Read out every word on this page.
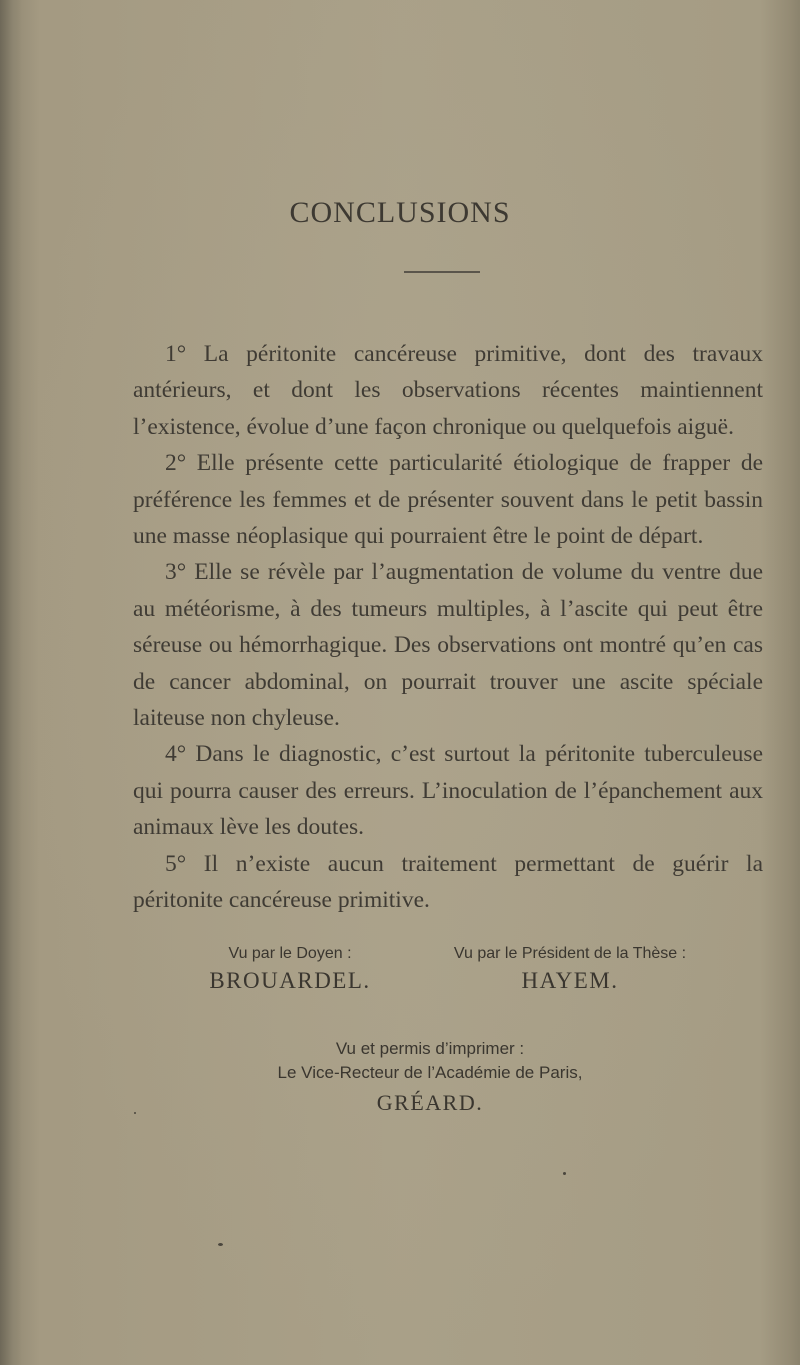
CONCLUSIONS

1° La péritonite cancéreuse primitive, dont des travaux antérieurs, et dont les observations récentes maintiennent l’existence, évolue d’une façon chronique ou quelquefois aiguë.

2° Elle présente cette particularité étiologique de frapper de préférence les femmes et de présenter souvent dans le petit bassin une masse néoplasique qui pourraient être le point de départ.

3° Elle se révèle par l’augmentation de volume du ventre due au météorisme, à des tumeurs multiples, à l’ascite qui peut être séreuse ou hémorrhagique. Des observations ont montré qu’en cas de cancer abdominal, on pourrait trouver une ascite spéciale laiteuse non chyleuse.

4° Dans le diagnostic, c’est surtout la péritonite tuberculeuse qui pourra causer des erreurs. L’inoculation de l’épanchement aux animaux lève les doutes.

5° Il n’existe aucun traitement permettant de guérir la péritonite cancéreuse primitive.

Vu par le Doyen :
BROUARDEL.
Vu par le Président de la Thèse :
HAYEM.
Vu et permis d’imprimer :
Le Vice-Recteur de l’Académie de Paris,
GRÉARD.
